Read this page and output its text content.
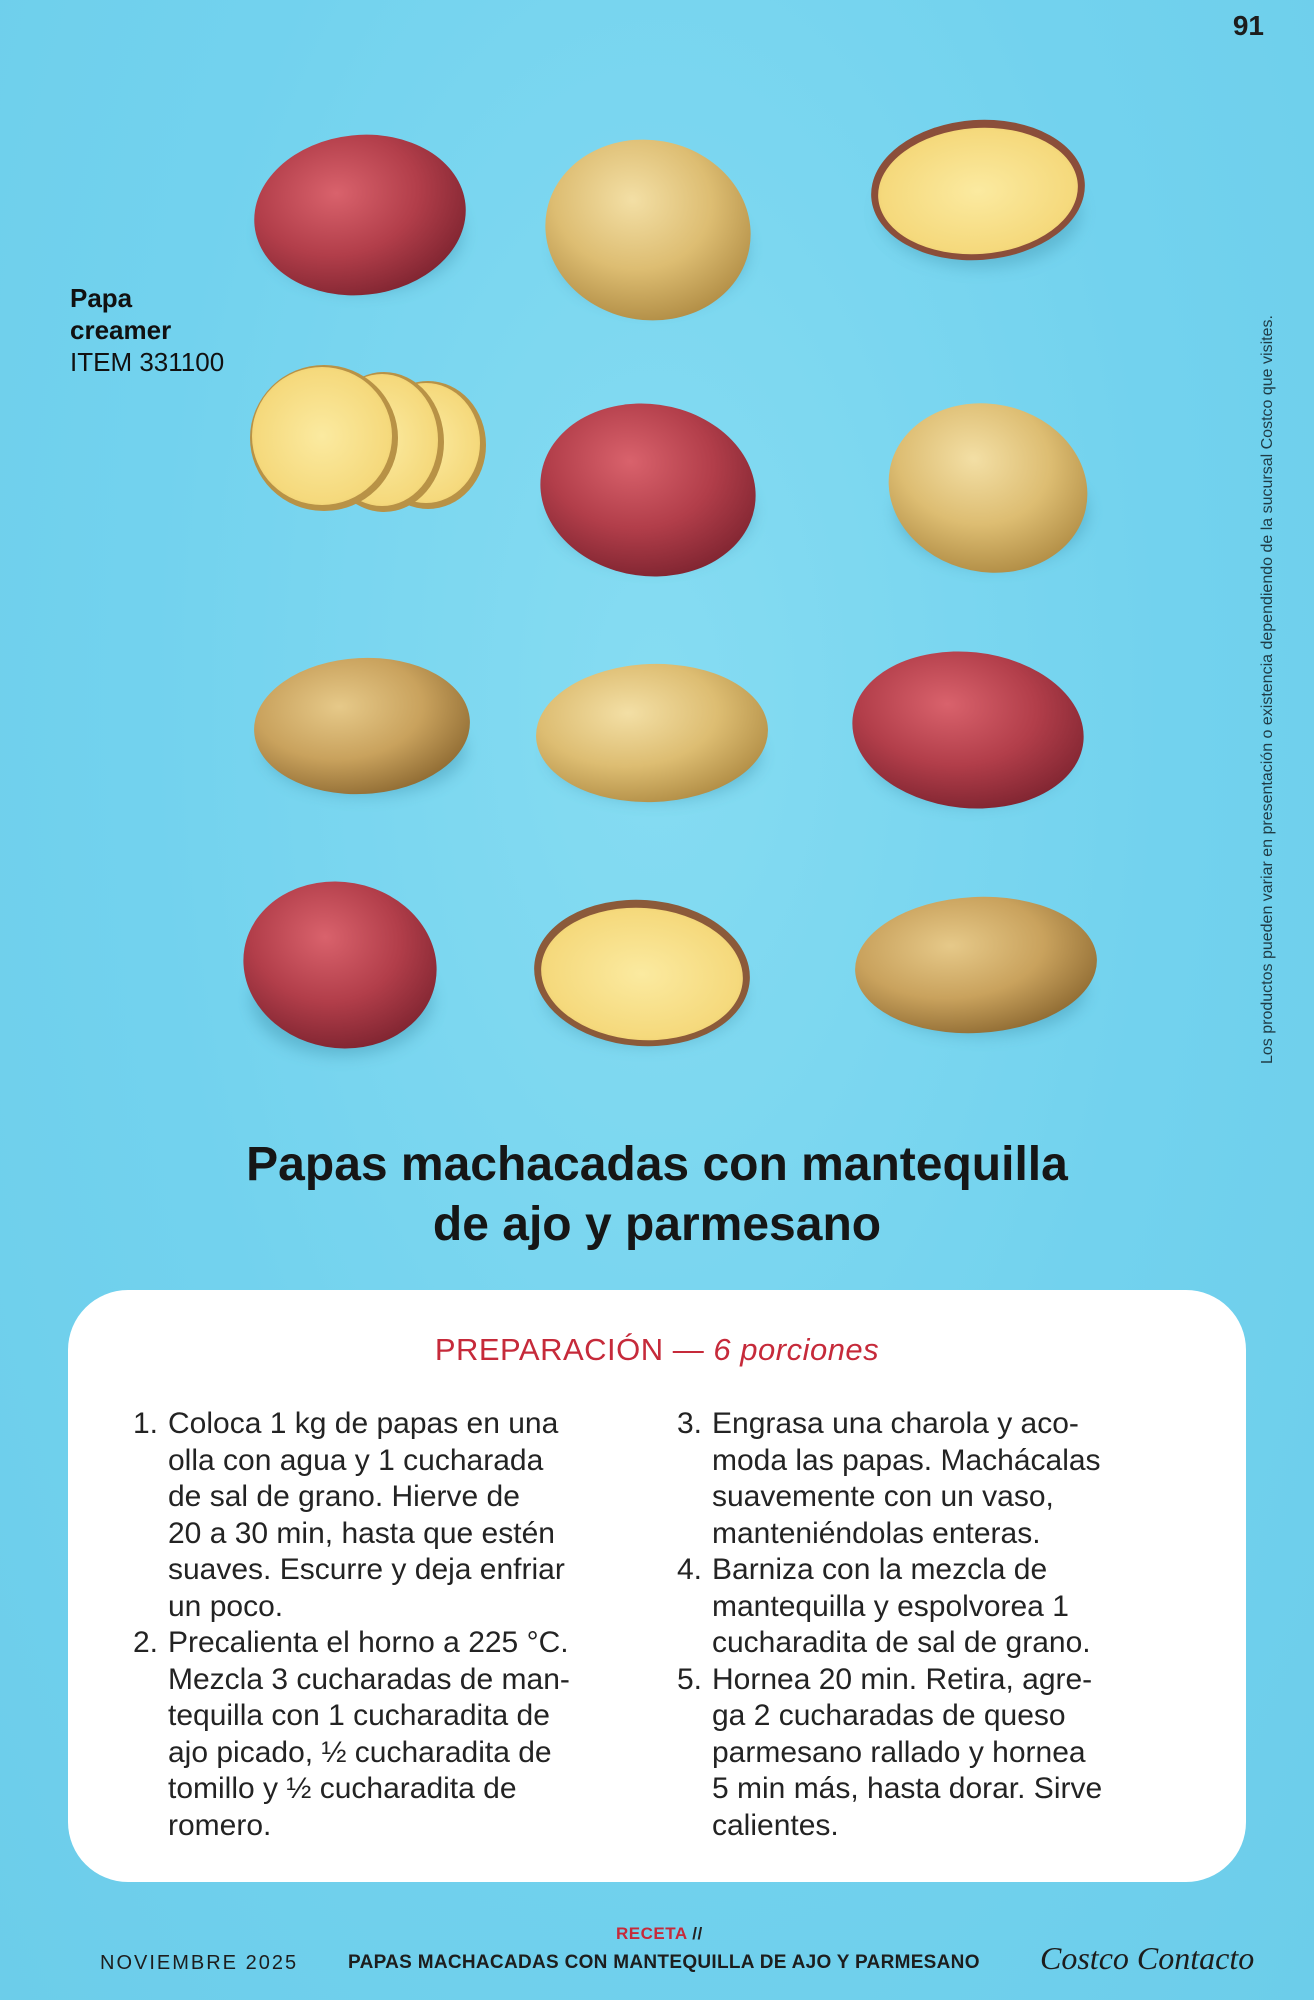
91
Los productos pueden variar en presentación o existencia dependiendo de la sucursal Costco que visites.
Papa
creamer
ITEM 331100
Papas machacadas con mantequilla
de ajo y parmesano
PREPARACIÓN — 6 porciones
1. Coloca 1 kg de papas en una
olla con agua y 1 cucharada
de sal de grano. Hierve de
20 a 30 min, hasta que estén
suaves. Escurre y deja enfriar
un poco.
2. Precalienta el horno a 225 °C.
Mezcla 3 cucharadas de man-
tequilla con 1 cucharadita de
ajo picado, ½ cucharadita de
tomillo y ½ cucharadita de
romero.
3. Engrasa una charola y aco-
moda las papas. Machácalas
suavemente con un vaso,
manteniéndolas enteras.
4. Barniza con la mezcla de
mantequilla y espolvorea 1
cucharadita de sal de grano.
5. Hornea 20 min. Retira, agre-
ga 2 cucharadas de queso
parmesano rallado y hornea
5 min más, hasta dorar. Sirve
calientes.
RECETA //
NOVIEMBRE 2025	PAPAS MACHACADAS CON MANTEQUILLA DE AJO Y PARMESANO Costco Contacto
